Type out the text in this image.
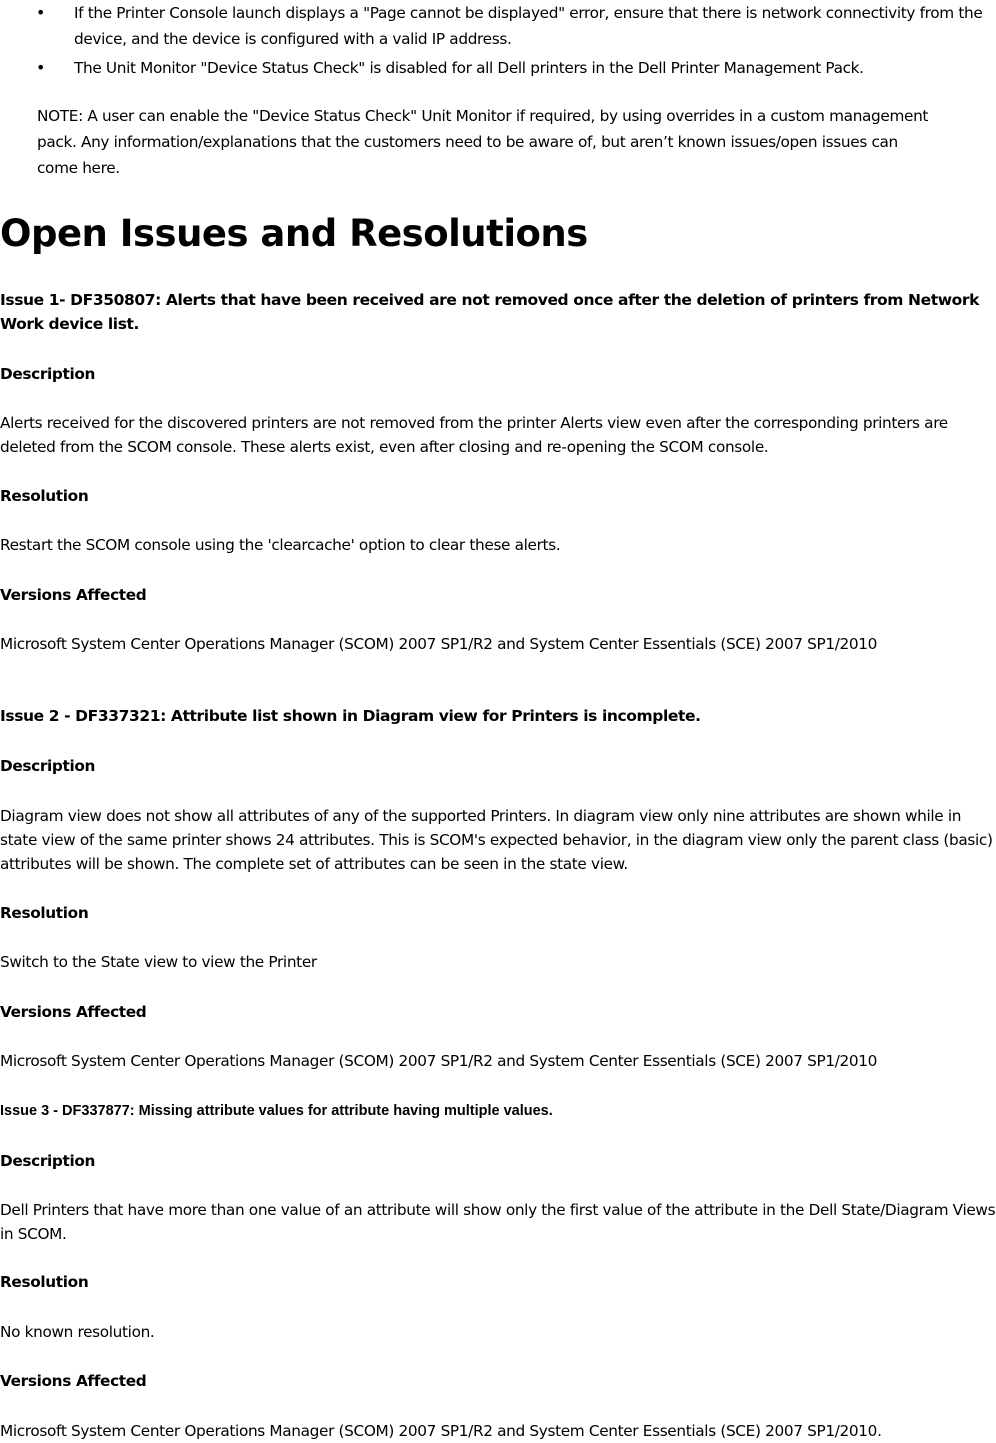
• If the Printer Console launch displays a "Page cannot be displayed" error, ensure that there is network connectivity from the device, and the device is configured with a valid IP address.
• The Unit Monitor "Device Status Check" is disabled for all Dell printers in the Dell Printer Management Pack.

NOTE: A user can enable the "Device Status Check" Unit Monitor if required, by using overrides in a custom management pack. Any information/explanations that the customers need to be aware of, but aren’t known issues/open issues can come here.

Open Issues and Resolutions

Issue 1- DF350807: Alerts that have been received are not removed once after the deletion of printers from Network Work device list.

Description

Alerts received for the discovered printers are not removed from the printer Alerts view even after the corresponding printers are deleted from the SCOM console. These alerts exist, even after closing and re-opening the SCOM console.

Resolution

Restart the SCOM console using the 'clearcache' option to clear these alerts.

Versions Affected

Microsoft System Center Operations Manager (SCOM) 2007 SP1/R2 and System Center Essentials (SCE) 2007 SP1/2010

Issue 2 - DF337321: Attribute list shown in Diagram view for Printers is incomplete.

Description

Diagram view does not show all attributes of any of the supported Printers. In diagram view only nine attributes are shown while in state view of the same printer shows 24 attributes. This is SCOM's expected behavior, in the diagram view only the parent class (basic) attributes will be shown. The complete set of attributes can be seen in the state view.

Resolution

Switch to the State view to view the Printer

Versions Affected

Microsoft System Center Operations Manager (SCOM) 2007 SP1/R2 and System Center Essentials (SCE) 2007 SP1/2010

Issue 3 - DF337877: Missing attribute values for attribute having multiple values.

Description

Dell Printers that have more than one value of an attribute will show only the first value of the attribute in the Dell State/Diagram Views in SCOM.

Resolution

No known resolution.

Versions Affected

Microsoft System Center Operations Manager (SCOM) 2007 SP1/R2 and System Center Essentials (SCE) 2007 SP1/2010.
